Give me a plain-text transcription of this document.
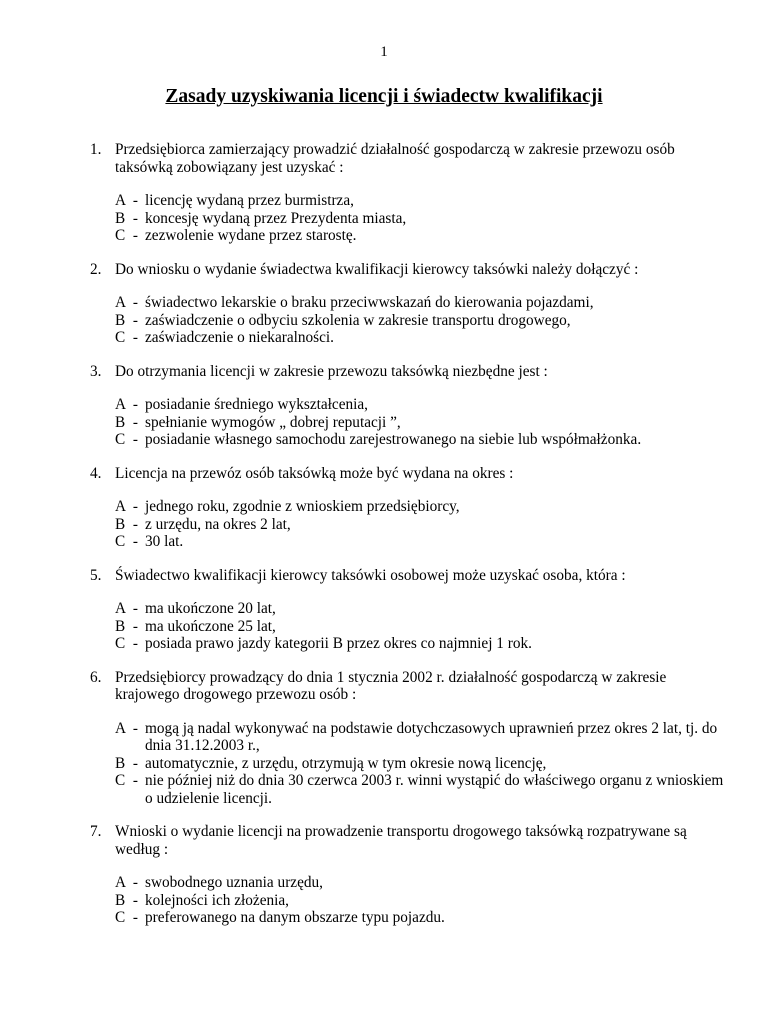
1
Zasady uzyskiwania licencji i świadectw kwalifikacji
1. Przedsiębiorca zamierzający prowadzić działalność gospodarczą w zakresie przewozu osób taksówką zobowiązany jest uzyskać :
A  - licencję wydaną przez burmistrza,
B  - koncesję wydaną przez Prezydenta miasta,
C  - zezwolenie wydane przez starostę.
2. Do wniosku o wydanie świadectwa kwalifikacji kierowcy taksówki należy dołączyć :
A  - świadectwo lekarskie o braku przeciwwskazań do kierowania pojazdami,
B  - zaświadczenie o odbyciu szkolenia w zakresie transportu drogowego,
C  - zaświadczenie o niekaralności.
3. Do otrzymania licencji w zakresie przewozu taksówką niezbędne jest :
A  - posiadanie średniego wykształcenia,
B  - spełnianie wymogów „ dobrej reputacji ”,
C  - posiadanie własnego samochodu zarejestrowanego na siebie lub współmałżonka.
4. Licencja na przewóz osób taksówką może być wydana na okres :
A  - jednego roku, zgodnie z wnioskiem przedsiębiorcy,
B  - z urzędu, na okres 2 lat,
C  - 30 lat.
5. Świadectwo kwalifikacji kierowcy taksówki osobowej może uzyskać osoba, która :
A  - ma ukończone 20 lat,
B  - ma ukończone 25 lat,
C  - posiada prawo jazdy kategorii B przez okres co najmniej 1 rok.
6. Przedsiębiorcy prowadzący do dnia 1 stycznia 2002 r. działalność gospodarczą w zakresie krajowego drogowego przewozu osób :
A  - mogą ją nadal wykonywać na podstawie dotychczasowych uprawnień przez okres 2 lat, tj. do dnia 31.12.2003 r.,
B  - automatycznie, z urzędu, otrzymują w tym okresie nową licencję,
C  - nie później niż do dnia 30 czerwca 2003 r. winni wystąpić do właściwego organu z wnioskiem o udzielenie licencji.
7. Wnioski o wydanie licencji na prowadzenie transportu drogowego taksówką rozpatrywane są według :
A  - swobodnego uznania urzędu,
B  - kolejności ich złożenia,
C  - preferowanego na danym obszarze typu pojazdu.
